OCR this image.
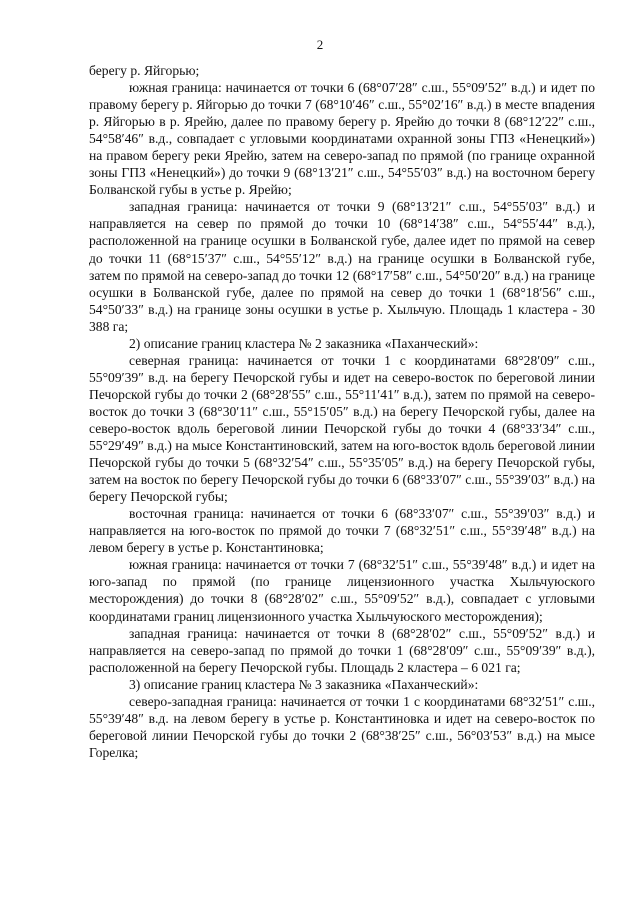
2

берегу р. Яйгорью;

южная граница: начинается от точки 6 (68°07′28″ с.ш., 55°09′52″ в.д.) и идет по правому берегу р. Яйгорью до точки 7 (68°10′46″ с.ш., 55°02′16″ в.д.) в месте впадения р. Яйгорью в р. Ярейю, далее по правому берегу р. Ярейю до точки 8 (68°12′22″ с.ш., 54°58′46″ в.д., совпадает с угловыми координатами охранной зоны ГПЗ «Ненецкий») на правом берегу реки Ярейю, затем на северо-запад по прямой (по границе охранной зоны ГПЗ «Ненецкий») до точки 9 (68°13′21″ с.ш., 54°55′03″ в.д.) на восточном берегу Болванской губы в устье р. Ярейю;

западная граница: начинается от точки 9 (68°13′21″ с.ш., 54°55′03″ в.д.) и направляется на север по прямой до точки 10 (68°14′38″ с.ш., 54°55′44″ в.д.), расположенной на границе осушки в Болванской губе, далее идет по прямой на север до точки 11 (68°15′37″ с.ш., 54°55′12″ в.д.) на границе осушки в Болванской губе, затем по прямой на северо-запад до точки 12 (68°17′58″ с.ш., 54°50′20″ в.д.) на границе осушки в Болванской губе, далее по прямой на север до точки 1 (68°18′56″ с.ш., 54°50′33″ в.д.) на границе зоны осушки в устье р. Хыльчую. Площадь 1 кластера - 30 388 га;

2) описание границ кластера № 2 заказника «Паханческий»:

северная граница: начинается от точки 1 с координатами 68°28′09″ с.ш., 55°09′39″ в.д. на берегу Печорской губы и идет на северо-восток по береговой линии Печорской губы до точки 2 (68°28′55″ с.ш., 55°11′41″ в.д.), затем по прямой на северо-восток до точки 3 (68°30′11″ с.ш., 55°15′05″ в.д.) на берегу Печорской губы, далее на северо-восток вдоль береговой линии Печорской губы до точки 4 (68°33′34″ с.ш., 55°29′49″ в.д.) на мысе Константиновский, затем на юго-восток вдоль береговой линии Печорской губы до точки 5 (68°32′54″ с.ш., 55°35′05″ в.д.) на берегу Печорской губы, затем на восток по берегу Печорской губы до точки 6 (68°33′07″ с.ш., 55°39′03″ в.д.) на берегу Печорской губы;

восточная граница: начинается от точки 6 (68°33′07″ с.ш., 55°39′03″ в.д.) и направляется на юго-восток по прямой до точки 7 (68°32′51″ с.ш., 55°39′48″ в.д.) на левом берегу в устье р. Константиновка;

южная граница: начинается от точки 7 (68°32′51″ с.ш., 55°39′48″ в.д.) и идет на юго-запад по прямой (по границе лицензионного участка Хыльчуюского месторождения) до точки 8 (68°28′02″ с.ш., 55°09′52″ в.д.), совпадает с угловыми координатами границ лицензионного участка Хыльчуюского месторождения);

западная граница: начинается от точки 8 (68°28′02″ с.ш., 55°09′52″ в.д.) и направляется на северо-запад по прямой до точки 1 (68°28′09″ с.ш., 55°09′39″ в.д.), расположенной на берегу Печорской губы. Площадь 2 кластера – 6 021 га;

3) описание границ кластера № 3 заказника «Паханческий»:

северо-западная граница: начинается от точки 1 с координатами 68°32′51″ с.ш., 55°39′48″ в.д. на левом берегу в устье р. Константиновка и идет на северо-восток по береговой линии Печорской губы до точки 2 (68°38′25″ с.ш., 56°03′53″ в.д.) на мысе Горелка;
